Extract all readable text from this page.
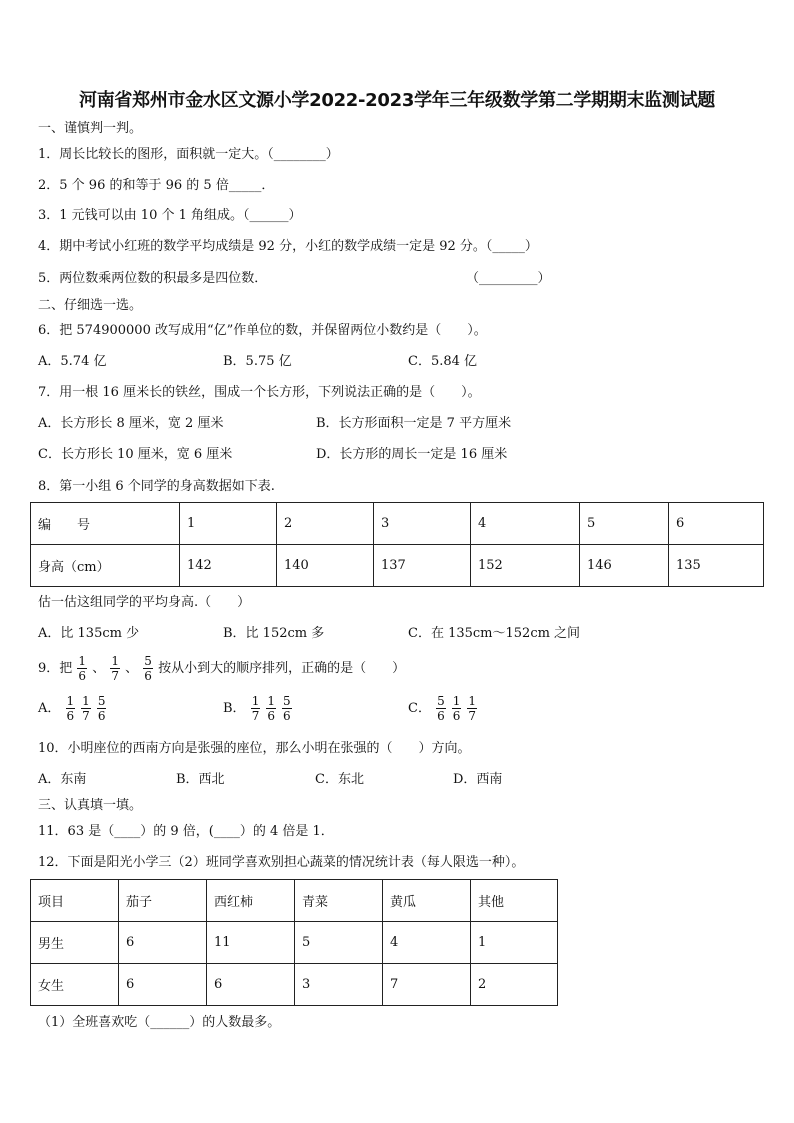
河南省郑州市金水区文源小学2022-2023学年三年级数学第二学期期末监测试题
一、谨慎判一判。
1．周长比较长的图形，面积就一定大。（________）
2．5 个 96 的和等于 96 的 5 倍_____．
3．1 元钱可以由 10 个 1 角组成。（______）
4．期中考试小红班的数学平均成绩是 92 分，小红的数学成绩一定是 92 分。（_____）
5．两位数乘两位数的积最多是四位数．	（_________）
二、仔细选一选。
6．把 574900000 改写成用“亿”作单位的数，并保留两位小数约是（　　）。
A．5.74 亿	B．5.75 亿	C．5.84 亿
7．用一根 16 厘米长的铁丝，围成一个长方形，下列说法正确的是（　　）。
A．长方形长 8 厘米，宽 2 厘米	B．长方形面积一定是 7 平方厘米
C．长方形长 10 厘米，宽 6 厘米	D．长方形的周长一定是 16 厘米
8．第一小组 6 个同学的身高数据如下表.
编　　号	1	2	3	4	5	6
身高（cm）	142	140	137	152	146	135
估一估这组同学的平均身高.（　　）
A．比 135cm 少	B．比 152cm 多	C．在 135cm～152cm 之间
9．把 $\frac{1}{6}$ 、 $\frac{1}{7}$ 、 $\frac{5}{6}$ 按从小到大的顺序排列，正确的是（　　）
A． $\frac{1}{6} \frac{1}{7} \frac{5}{6}$	B． $\frac{1}{7} \frac{1}{6} \frac{5}{6}$	C． $\frac{5}{6} \frac{1}{6} \frac{1}{7}$
10．小明座位的西南方向是张强的座位，那么小明在张强的（　　）方向。
A．东南	B．西北	C．东北	D．西南
三、认真填一填。
11．63 是（____）的 9 倍，(____）的 4 倍是 1．
12．下面是阳光小学三（2）班同学喜欢别担心蔬菜的情况统计表（每人限选一种）。
项目	茄子	西红柿	青菜	黄瓜	其他
男生	6	11	5	4	1
女生	6	6	3	7	2
（1）全班喜欢吃（______）的人数最多。
